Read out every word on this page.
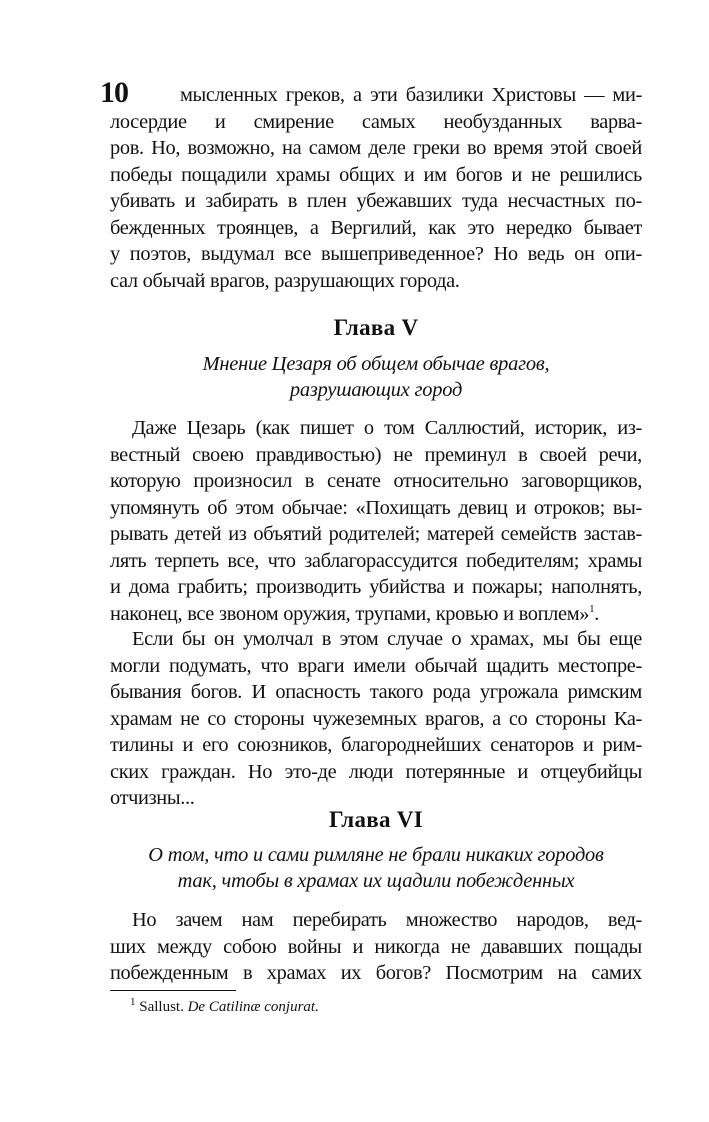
10	мысленных греков, а эти базилики Христовы — ми-
лосердие и смирение самых необузданных варва-
ров. Но, возможно, на самом деле греки во время этой своей
победы пощадили храмы общих и им богов и не решились
убивать и забирать в плен убежавших туда несчастных по-
бежденных троянцев, а Вергилий, как это нередко бывает
у поэтов, выдумал все вышеприведенное? Но ведь он опи-
сал обычай врагов, разрушающих города.
Глава V
Мнение Цезаря об общем обычае врагов,
разрушающих город
Даже Цезарь (как пишет о том Саллюстий, историк, из-
вестный своею правдивостью) не преминул в своей речи,
которую произносил в сенате относительно заговорщиков,
упомянуть об этом обычае: «Похищать девиц и отроков; вы-
рывать детей из объятий родителей; матерей семейств застав-
лять терпеть все, что заблагорассудится победителям; храмы
и дома грабить; производить убийства и пожары; наполнять,
наконец, все звоном оружия, трупами, кровью и воплем»$^1$.
Если бы он умолчал в этом случае о храмах, мы бы еще
могли подумать, что враги имели обычай щадить местопре-
бывания богов. И опасность такого рода угрожала римским
храмам не со стороны чужеземных врагов, а со стороны Ка-
тилины и его союзников, благороднейших сенаторов и рим-
ских граждан. Но это-де люди потерянные и отцеубийцы
отчизны...
Глава VI
О том, что и сами римляне не брали никаких городов
так, чтобы в храмах их щадили побежденных
Но зачем нам перебирать множество народов, вед-
ших между собою войны и никогда не дававших пощады
побежденным в храмах их богов? Посмотрим на самих
$^1$ Sallust. De Catilinæ conjurat.
